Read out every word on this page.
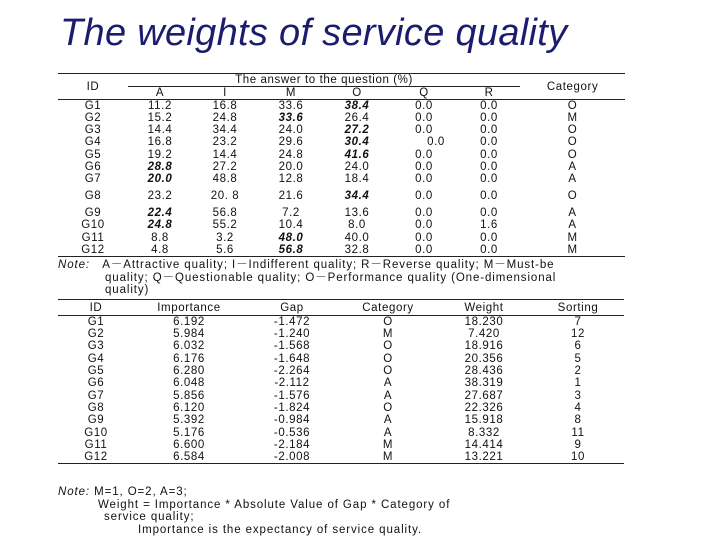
The weights of service quality
ID	The answer to the question (%)	Category
A	I	M	O	Q	R
G1	11.2	16.8	33.6	38.4	0.0	0.0	O
G2	15.2	24.8	33.6	26.4	0.0	0.0	M
G3	14.4	34.4	24.0	27.2	0.0	0.0	O
G4	16.8	23.2	29.6	30.4	0.0	0.0	O
G5	19.2	14.4	24.8	41.6	0.0	0.0	O
G6	28.8	27.2	20.0	24.0	0.0	0.0	A
G7	20.0	48.8	12.8	18.4	0.0	0.0	A
G8	23.2	20. 8	21.6	34.4	0.0	0.0	O
G9	22.4	56.8	7.2	13.6	0.0	0.0	A
G10	24.8	55.2	10.4	8.0	0.0	1.6	A
G11	8.8	3.2	48.0	40.0	0.0	0.0	M
G12	4.8	5.6	56.8	32.8	0.0	0.0	M
Note: A－Attractive quality; I－Indifferent quality; R－Reverse quality; M－Must-be
quality; Q－Questionable quality; O－Performance quality (One-dimensional
quality)
ID	Importance	Gap	Category	Weight	Sorting
G1	6.192	-1.472	O	18.230	7
G2	5.984	-1.240	M	7.420	12
G3	6.032	-1.568	O	18.916	6
G4	6.176	-1.648	O	20.356	5
G5	6.280	-2.264	O	28.436	2
G6	6.048	-2.112	A	38.319	1
G7	5.856	-1.576	A	27.687	3
G8	6.120	-1.824	O	22.326	4
G9	5.392	-0.984	A	15.918	8
G10	5.176	-0.536	A	8.332	11
G11	6.600	-2.184	M	14.414	9
G12	6.584	-2.008	M	13.221	10
Note: M=1, O=2, A=3;
Weight = Importance * Absolute Value of Gap * Category of
service quality;
Importance is the expectancy of service quality.
